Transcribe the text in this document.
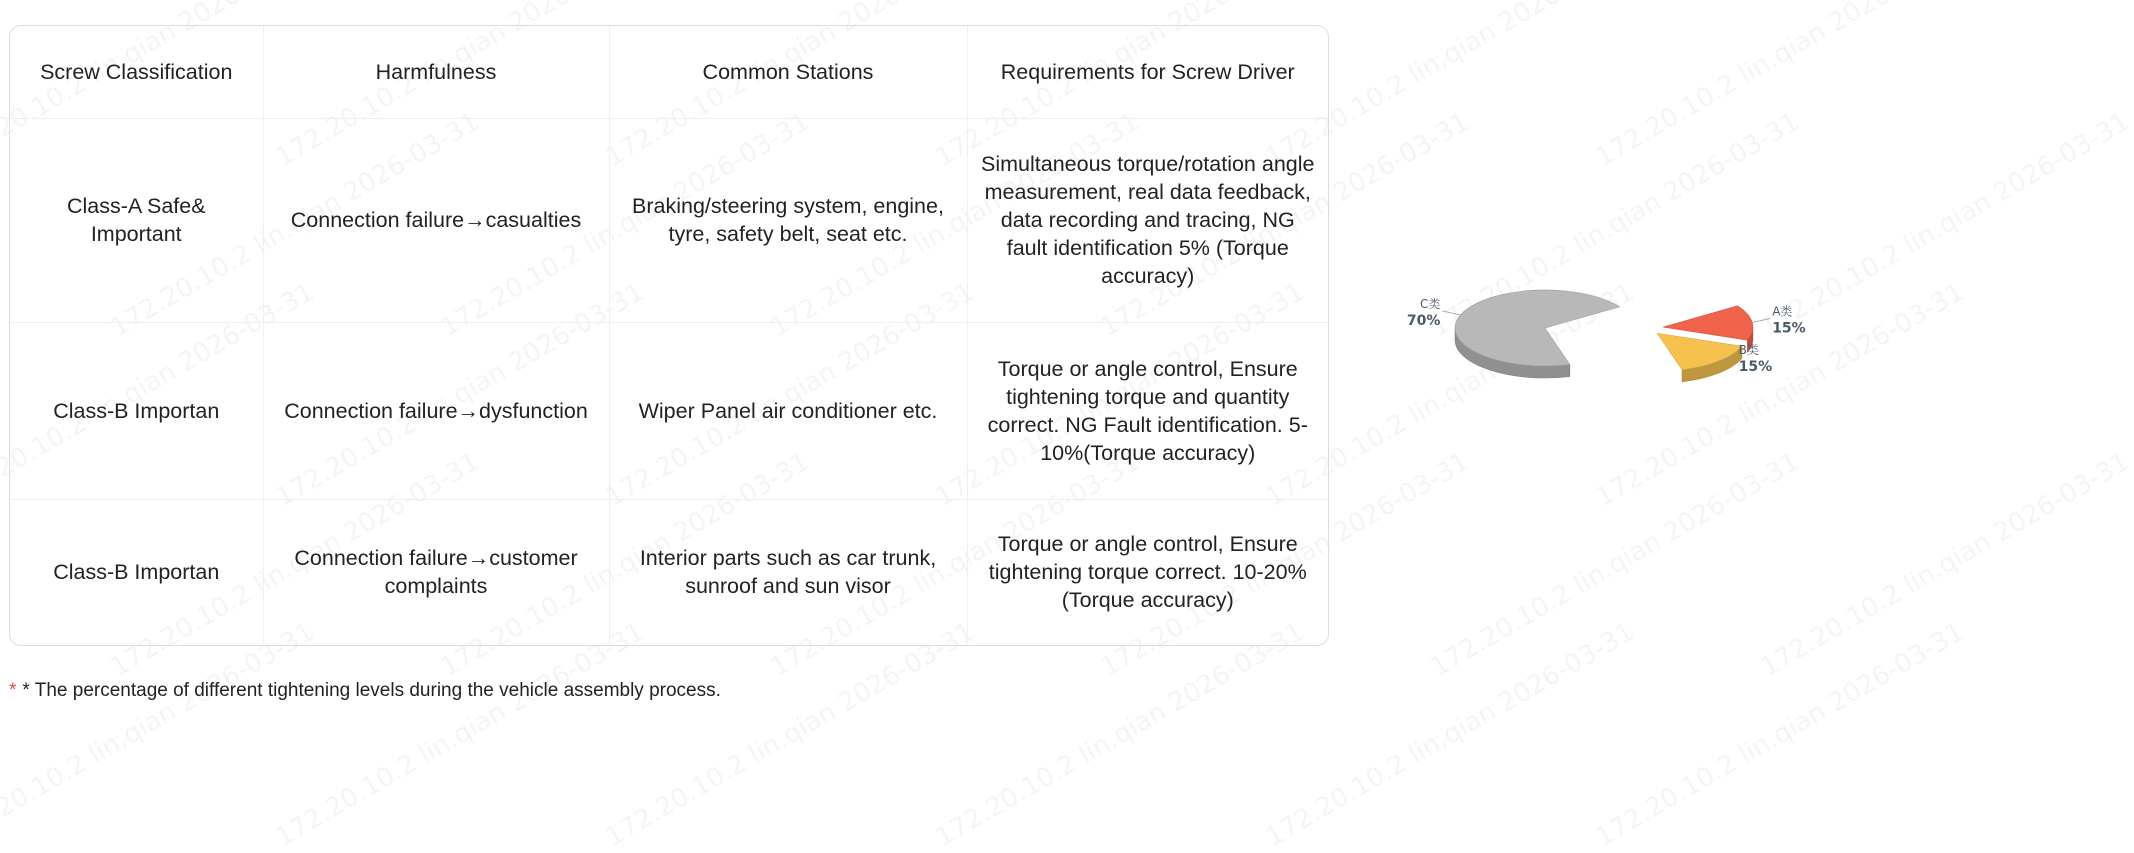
Screw Classification	Harmfulness	Common Stations	Requirements for Screw Driver
Class-A Safe& Important	Connection failure→casualties	Braking/steering system, engine, tyre, safety belt, seat etc.	Simultaneous torque/rotation angle measurement, real data feedback, data recording and tracing, NG fault identification 5% (Torque accuracy)
Class-B Importan	Connection failure→dysfunction	Wiper Panel air conditioner etc.	Torque or angle control, Ensure tightening torque and quantity correct. NG Fault identification. 5-10%(Torque accuracy)
Class-B Importan	Connection failure→customer complaints	Interior parts such as car trunk, sunroof and sun visor	Torque or angle control, Ensure tightening torque correct. 10-20%(Torque accuracy)
* * The percentage of different tightening levels during the vehicle assembly process.
A类
15%
B类
15%
C类
70%
